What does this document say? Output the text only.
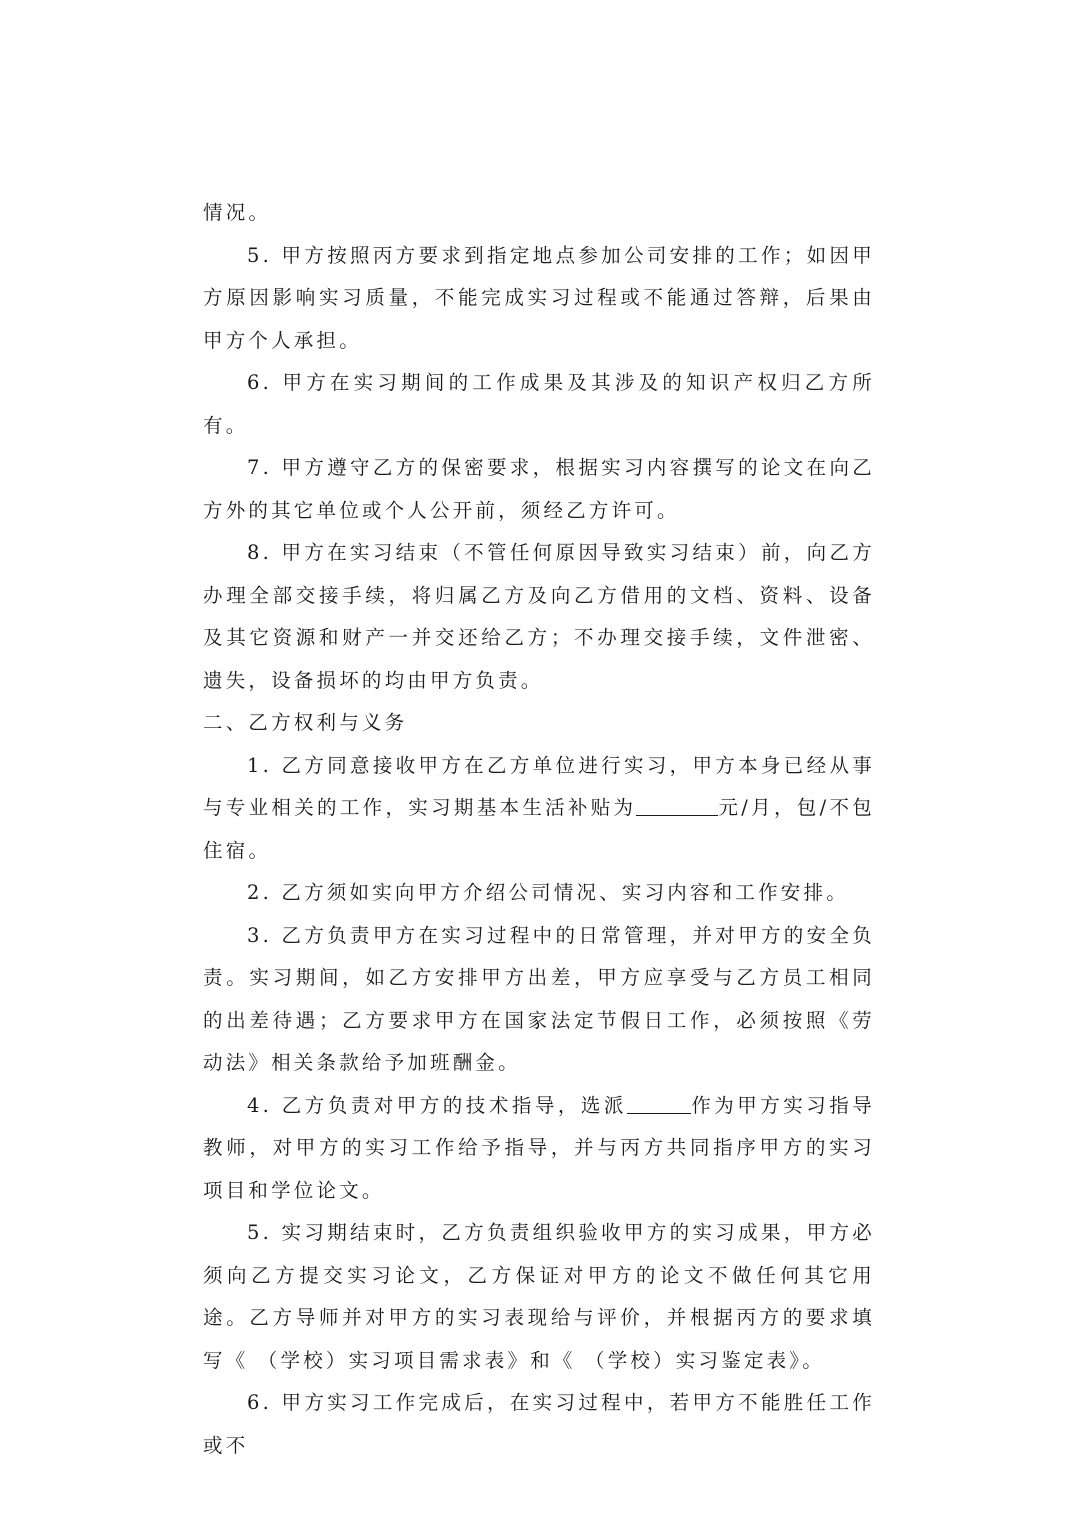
情况。

5. 甲方按照丙方要求到指定地点参加公司安排的工作；如因甲方原因影响实习质量，不能完成实习过程或不能通过答辩，后果由甲方个人承担。

6. 甲方在实习期间的工作成果及其涉及的知识产权归乙方所有。

7. 甲方遵守乙方的保密要求，根据实习内容撰写的论文在向乙方外的其它单位或个人公开前，须经乙方许可。

8. 甲方在实习结束（不管任何原因导致实习结束）前，向乙方办理全部交接手续，将归属乙方及向乙方借用的文档、资料、设备及其它资源和财产一并交还给乙方；不办理交接手续，文件泄密、遗失，设备损坏的均由甲方负责。

二、乙方权利与义务

1. 乙方同意接收甲方在乙方单位进行实习，甲方本身已经从事与专业相关的工作，实习期基本生活补贴为	元/月，包/不包住宿。

2. 乙方须如实向甲方介绍公司情况、实习内容和工作安排。

3. 乙方负责甲方在实习过程中的日常管理，并对甲方的安全负责。实习期间，如乙方安排甲方出差，甲方应享受与乙方员工相同的出差待遇；乙方要求甲方在国家法定节假日工作，必须按照《劳动法》相关条款给予加班酬金。

4. 乙方负责对甲方的技术指导，选派	作为甲方实习指导教师，对甲方的实习工作给予指导，并与丙方共同指序甲方的实习项目和学位论文。

5. 实习期结束时，乙方负责组织验收甲方的实习成果，甲方必须向乙方提交实习论文，乙方保证对甲方的论文不做任何其它用途。乙方导师并对甲方的实习表现给与评价，并根据丙方的要求填写《 （学校）实习项目需求表》和《 （学校）实习鉴定表》。

6. 甲方实习工作完成后，在实习过程中，若甲方不能胜任工作或不
